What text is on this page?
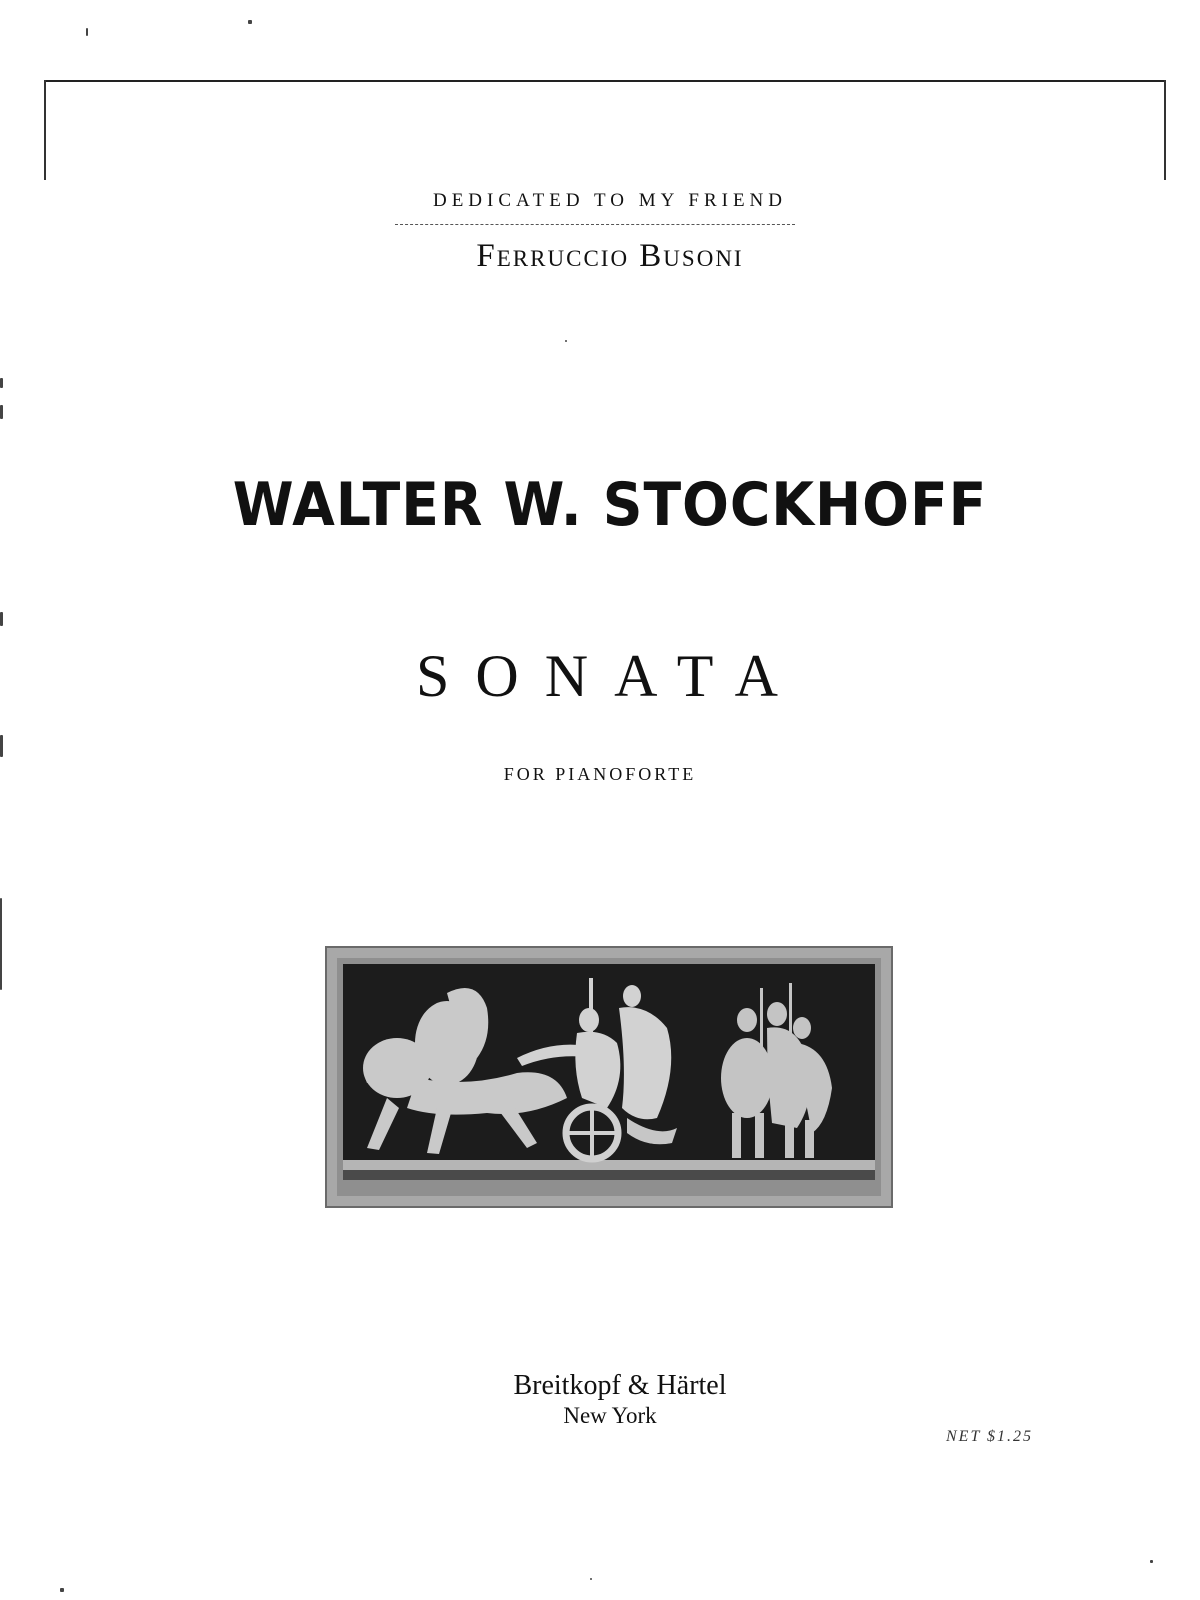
DEDICATED TO MY FRIEND
Ferruccio Busoni
WALTER W. STOCKHOFF
SONATA
FOR PIANOFORTE
Breitkopf & Härtel
New York
NET $1.25
